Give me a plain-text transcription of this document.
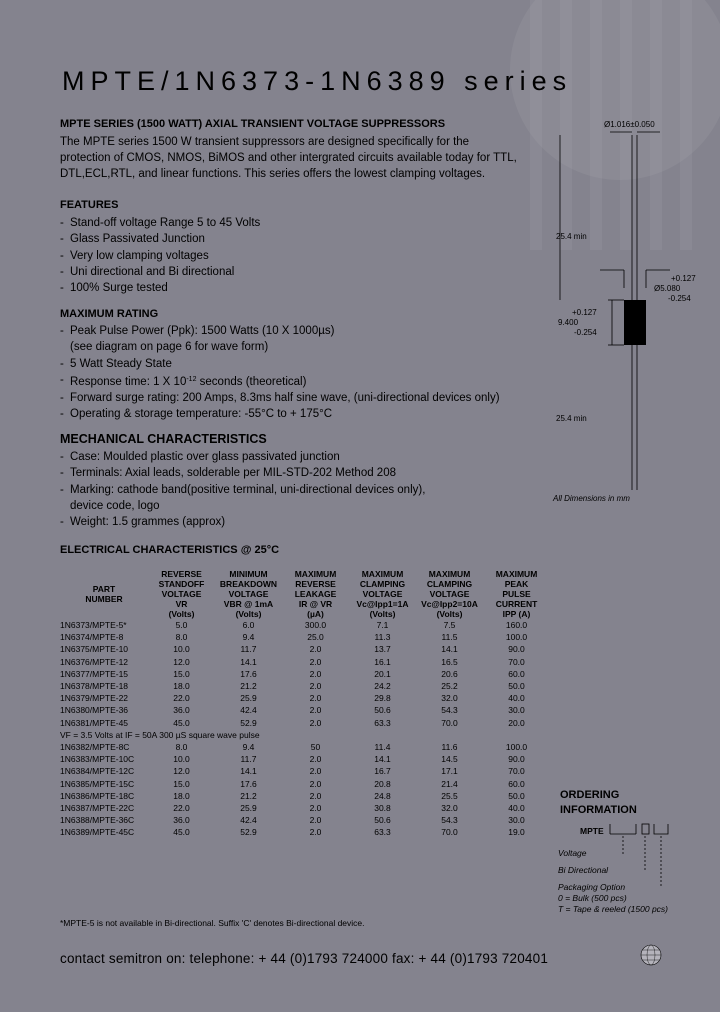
MPTE/1N6373-1N6389 series
MPTE SERIES (1500 WATT) AXIAL TRANSIENT VOLTAGE SUPPRESSORS
The MPTE series 1500 W transient suppressors are designed specifically for the
protection of CMOS, NMOS, BiMOS and other intergrated circuits available today for TTL,
DTL,ECL,RTL, and linear functions. This series offers the lowest clamping voltages.
FEATURES
- Stand-off voltage Range 5 to 45 Volts
- Glass Passivated Junction
- Very low clamping voltages
- Uni directional and Bi directional
- 100% Surge tested
MAXIMUM RATING
- Peak Pulse Power (Ppk): 1500 Watts (10 X 1000µs)
(see diagram on page 6 for wave form)
- 5 Watt Steady State
- Response time: 1 X $10^{-12}$ seconds (theoretical)
- Forward surge rating: 200 Amps, 8.3ms half sine wave, (uni-directional devices only)
- Operating & storage temperature: -55°C to + 175°C
MECHANICAL CHARACTERISTICS
- Case: Moulded plastic over glass passivated junction
- Terminals: Axial leads, solderable per MIL-STD-202 Method 208
- Marking: cathode band(positive terminal, uni-directional devices only),
device code, logo
- Weight: 1.5 grammes (approx)
ELECTRICAL CHARACTERISTICS @ 25°C
PART
NUMBER	REVERSE
STANDOFF
VOLTAGE
VR
(Volts)	MINIMUM
BREAKDOWN
VOLTAGE
VBR @ 1mA
(Volts)	MAXIMUM
REVERSE
LEAKAGE
IR @ VR
(µA)	MAXIMUM
CLAMPING
VOLTAGE
Vc@Ipp1=1A
(Volts)	MAXIMUM
CLAMPING
VOLTAGE
Vc@Ipp2=10A
(Volts)	MAXIMUM
PEAK
PULSE
CURRENT
IPP (A)
1N6373/MPTE-5*	5.0	6.0	300.0	7.1	7.5	160.0
1N6374/MPTE-8	8.0	9.4	25.0	11.3	11.5	100.0
1N6375/MPTE-10	10.0	11.7	2.0	13.7	14.1	90.0
1N6376/MPTE-12	12.0	14.1	2.0	16.1	16.5	70.0
1N6377/MPTE-15	15.0	17.6	2.0	20.1	20.6	60.0
1N6378/MPTE-18	18.0	21.2	2.0	24.2	25.2	50.0
1N6379/MPTE-22	22.0	25.9	2.0	29.8	32.0	40.0
1N6380/MPTE-36	36.0	42.4	2.0	50.6	54.3	30.0
1N6381/MPTE-45	45.0	52.9	2.0	63.3	70.0	20.0
VF = 3.5 Volts at IF = 50A 300 µS square wave pulse						
1N6382/MPTE-8C	8.0	9.4	50	11.4	11.6	100.0
1N6383/MPTE-10C	10.0	11.7	2.0	14.1	14.5	90.0
1N6384/MPTE-12C	12.0	14.1	2.0	16.7	17.1	70.0
1N6385/MPTE-15C	15.0	17.6	2.0	20.8	21.4	60.0
1N6386/MPTE-18C	18.0	21.2	2.0	24.8	25.5	50.0
1N6387/MPTE-22C	22.0	25.9	2.0	30.8	32.0	40.0
1N6388/MPTE-36C	36.0	42.4	2.0	50.6	54.3	30.0
1N6389/MPTE-45C	45.0	52.9	2.0	63.3	70.0	19.0
*MPTE-5 is not available in Bi-directional. Suffix 'C' denotes Bi-directional device.
Ø1.016±0.050
25.4 min
+0.127
Ø5.080
-0.254
+0.127
9.400
-0.254
25.4 min
All Dimensions in mm
ORDERING INFORMATION
MPTE
Voltage
Bi Directional
Packaging Option
0 = Bulk (500 pcs)
T = Tape & reeled (1500 pcs)
contact semitron on: telephone: + 44 (0)1793 724000 fax: + 44 (0)1793 720401
